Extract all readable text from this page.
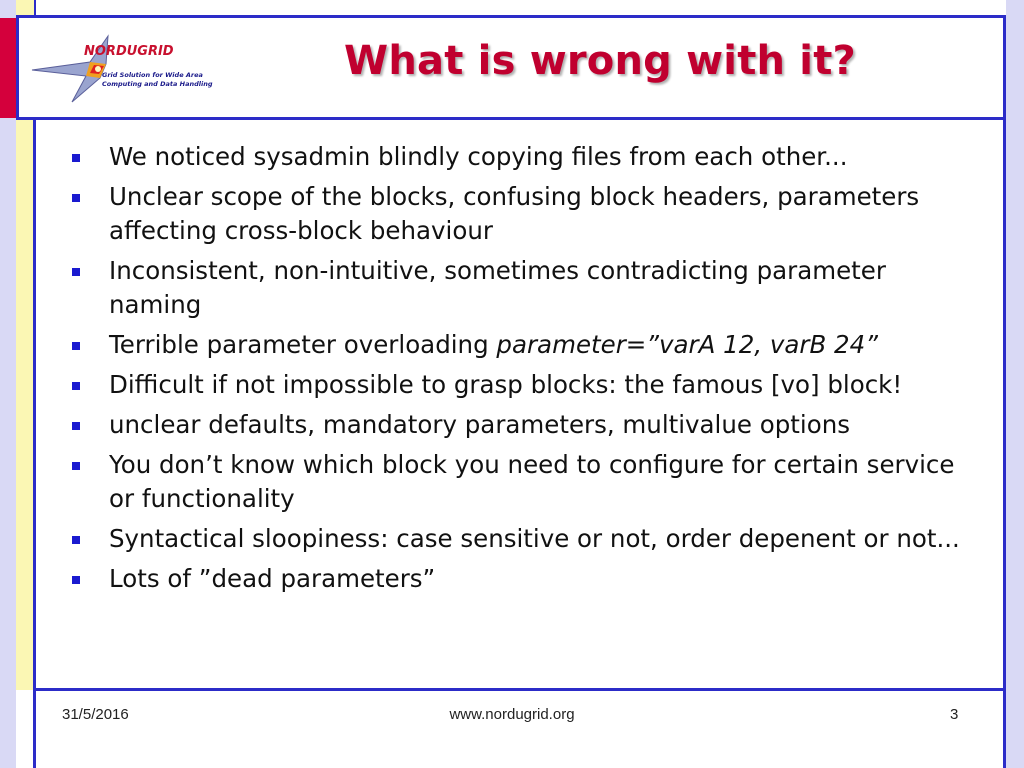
NORDUGRID
Grid Solution for Wide Area
Computing and Data Handling	What is wrong with it?
We noticed sysadmin blindly copying files from each other...
Unclear scope of the blocks, confusing block headers, parameters affecting cross-block behaviour
Inconsistent, non-intuitive, sometimes contradicting parameter naming
Terrible parameter overloading parameter=”varA 12, varB 24”
Difficult if not impossible to grasp blocks: the famous [vo] block!
unclear defaults, mandatory parameters, multivalue options
You don’t know which block you need to configure for certain service or functionality
Syntactical sloopiness: case sensitive or not, order depenent or not...
Lots of ”dead parameters”
31/5/2016	www.nordugrid.org	3
